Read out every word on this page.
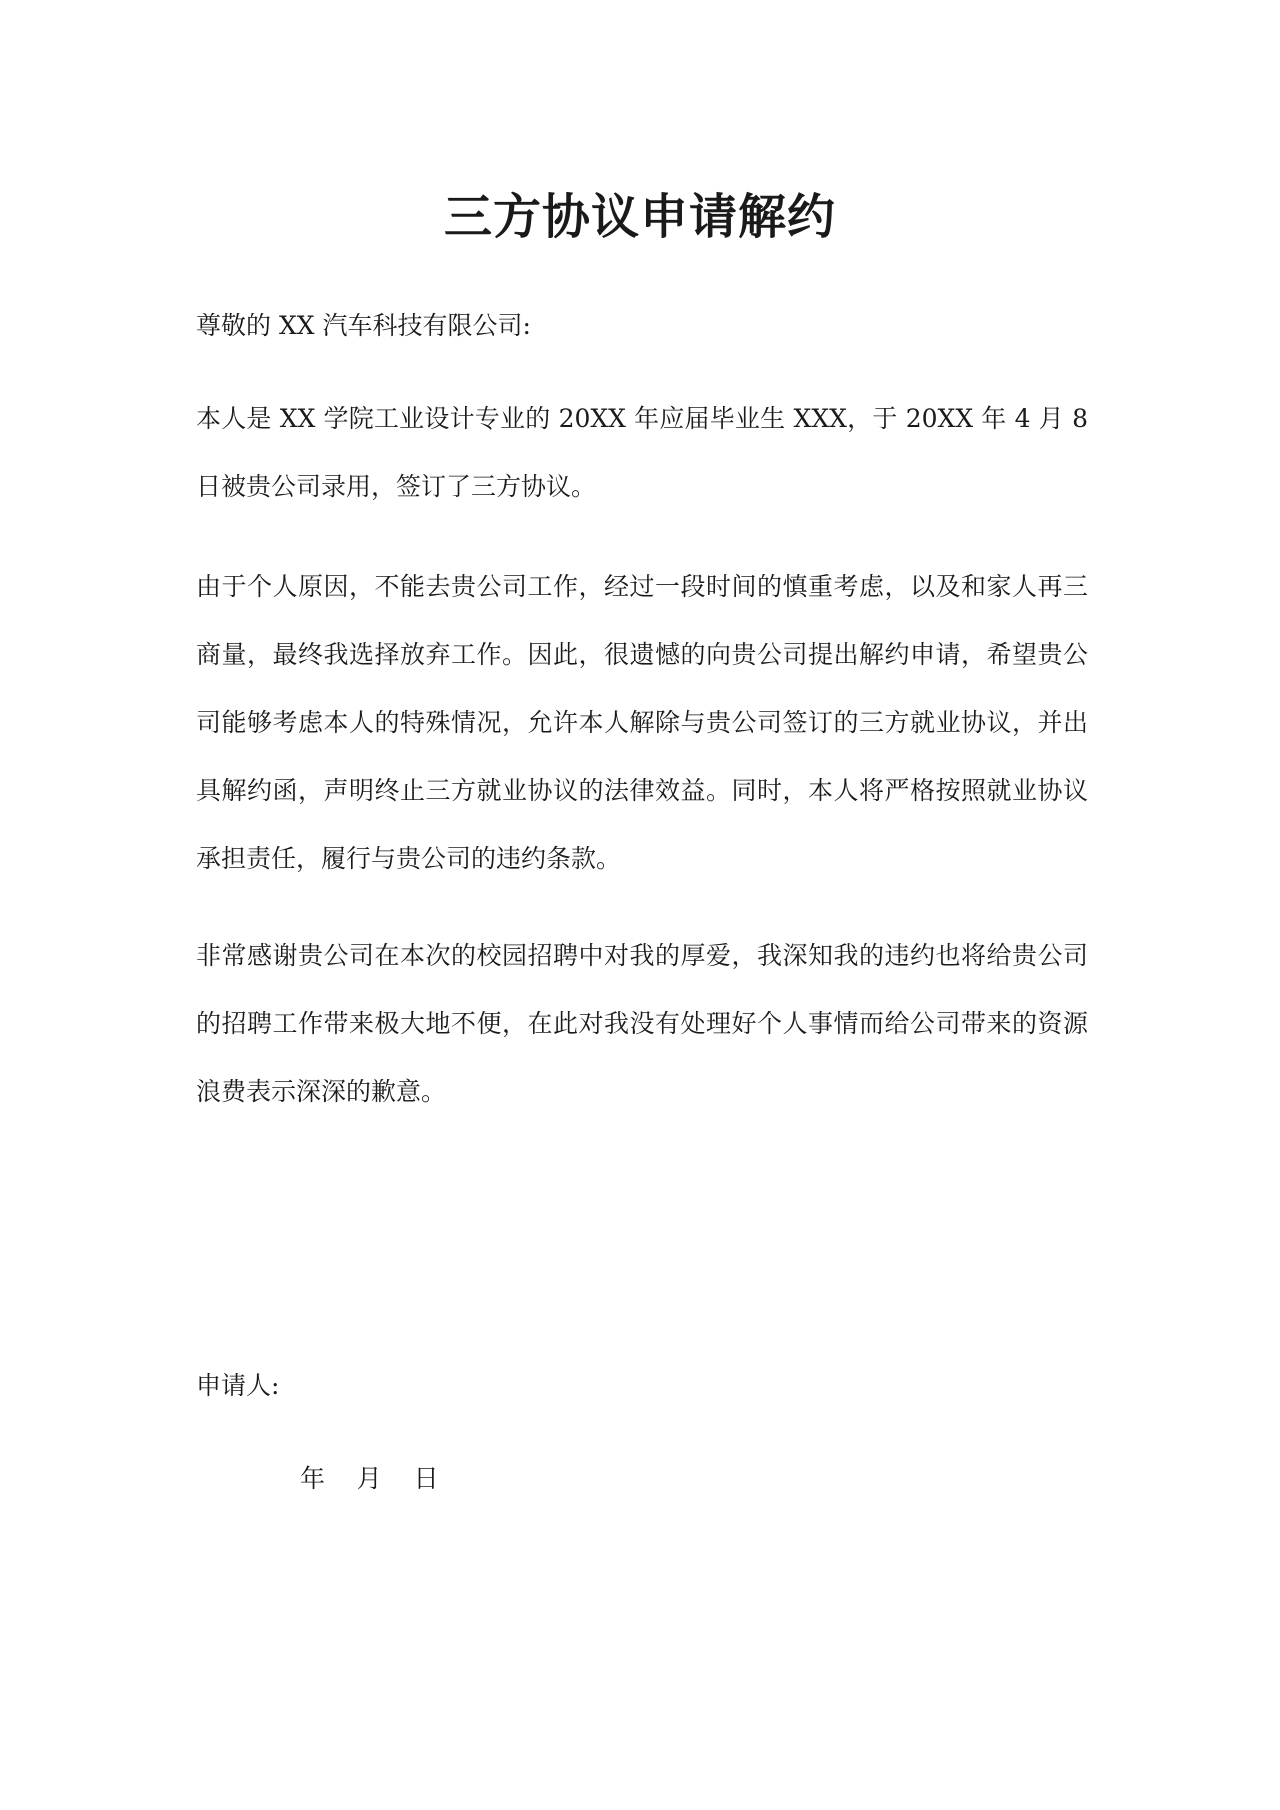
三方协议申请解约

尊敬的 XX 汽车科技有限公司:

本人是 XX 学院工业设计专业的 20XX 年应届毕业生 XXX，于 20XX 年 4 月 8 日被贵公司录用，签订了三方协议。

由于个人原因，不能去贵公司工作，经过一段时间的慎重考虑，以及和家人再三商量，最终我选择放弃工作。因此，很遗憾的向贵公司提出解约申请，希望贵公司能够考虑本人的特殊情况，允许本人解除与贵公司签订的三方就业协议，并出具解约函，声明终止三方就业协议的法律效益。同时，本人将严格按照就业协议承担责任，履行与贵公司的违约条款。

非常感谢贵公司在本次的校园招聘中对我的厚爱，我深知我的违约也将给贵公司的招聘工作带来极大地不便，在此对我没有处理好个人事情而给公司带来的资源浪费表示深深的歉意。

申请人:

年    月    日
